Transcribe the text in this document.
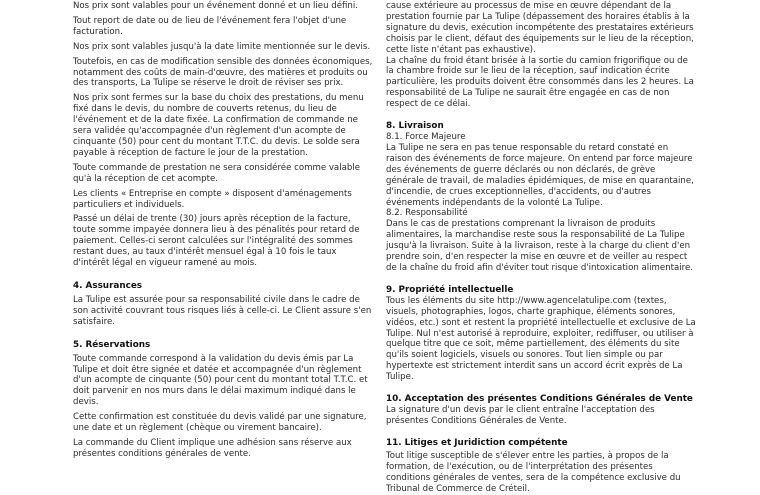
Nos prix sont valables pour un événement donné et un lieu défini.

Tout report de date ou de lieu de l'événement fera l'objet d'une facturation.

Nos prix sont valables jusqu'à la date limite mentionnée sur le devis.

Toutefois, en cas de modification sensible des données économiques, notamment des coûts de main-d'œuvre, des matières et produits ou des transports, La Tulipe se réserve le droit de réviser ses prix.

Nos prix sont fermes sur la base du choix des prestations, du menu fixé dans le devis, du nombre de couverts retenus, du lieu de l'événement et de la date fixée. La confirmation de commande ne sera validée qu'accompagnée d'un règlement d'un acompte de cinquante (50) pour cent du montant T.T.C. du devis. Le solde sera payable à réception de facture le jour de la prestation.

Toute commande de prestation ne sera considérée comme valable qu'à la réception de cet acompte.

Les clients « Entreprise en compte » disposent d'aménagements particuliers et individuels.

Passé un délai de trente (30) jours après réception de la facture, toute somme impayée donnera lieu à des pénalités pour retard de paiement. Celles-ci seront calculées sur l'intégralité des sommes restant dues, au taux d'intérêt mensuel égal à 10 fois le taux d'intérêt légal en vigueur ramené au mois.

4. Assurances

La Tulipe est assurée pour sa responsabilité civile dans le cadre de son activité couvrant tous risques liés à celle-ci. Le Client assure s'en satisfaire.

5. Réservations

Toute commande correspond à la validation du devis émis par La Tulipe et doit être signée et datée et accompagnée d'un règlement d'un acompte de cinquante (50) pour cent du montant total T.T.C. et doit parvenir en nos murs dans le délai maximum indiqué dans le devis.

Cette confirmation est constituée du devis validé par une signature, une date et un règlement (chèque ou virement bancaire).

La commande du Client implique une adhésion sans réserve aux présentes conditions générales de vente.

cause extérieure au processus de mise en œuvre dépendant de la prestation fournie par La Tulipe (dépassement des horaires établis à la signature du devis, exécution incompétente des prestataires extérieurs choisis par le client, défaut des équipements sur le lieu de la réception, cette liste n'étant pas exhaustive).

La chaîne du froid étant brisée à la sortie du camion frigorifique ou de la chambre froide sur le lieu de la réception, sauf indication écrite particulière, les produits doivent être consommés dans les 2 heures. La responsabilité de La Tulipe ne saurait être engagée en cas de non respect de ce délai.

8. Livraison

8.1. Force Majeure

La Tulipe ne sera en pas tenue responsable du retard constaté en raison des événements de force majeure. On entend par force majeure des événements de guerre déclarés ou non déclarés, de grève générale de travail, de maladies épidémiques, de mise en quarantaine, d'incendie, de crues exceptionnelles, d'accidents, ou d'autres événements indépendants de la volonté La Tulipe.

8.2. Responsabilité

Dans le cas de prestations comprenant la livraison de produits alimentaires, la marchandise reste sous la responsabilité de La Tulipe jusqu'à la livraison. Suite à la livraison, reste à la charge du client d'en prendre soin, d'en respecter la mise en œuvre et de veiller au respect de la chaîne du froid afin d'éviter tout risque d'intoxication alimentaire.

9. Propriété intellectuelle

Tous les éléments du site http://www.agencelatulipe.com (textes, visuels, photographies, logos, charte graphique, éléments sonores, vidéos, etc.) sont et restent la propriété intellectuelle et exclusive de La Tulipe. Nul n'est autorisé à reproduire, exploiter, rediffuser, ou utiliser à quelque titre que ce soit, même partiellement, des éléments du site qu'ils soient logiciels, visuels ou sonores. Tout lien simple ou par hypertexte est strictement interdit sans un accord écrit exprès de La Tulipe.

10. Acceptation des présentes Conditions Générales de Vente

La signature d'un devis par le client entraîne l'acceptation des présentes Conditions Générales de Vente.

11. Litiges et Juridiction compétente

Tout litige susceptible de s'élever entre les parties, à propos de la formation, de l'exécution, ou de l'interprétation des présentes conditions générales de ventes, sera de la compétence exclusive du Tribunal de Commerce de Créteil.
